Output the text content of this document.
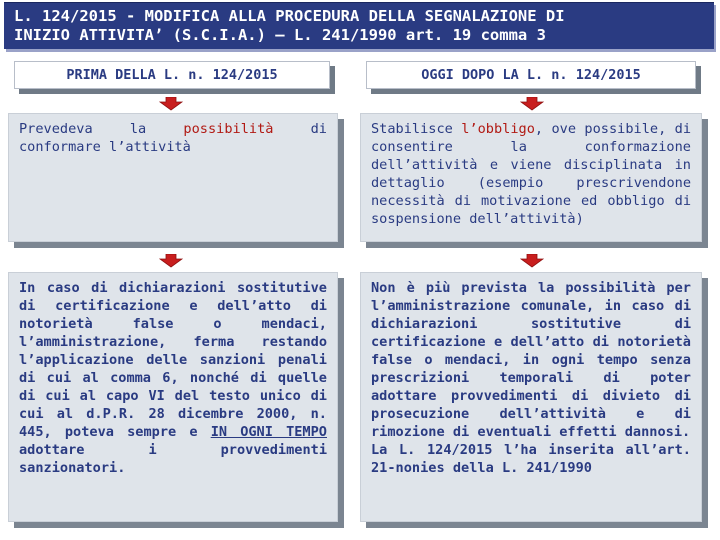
L. 124/2015 - MODIFICA ALLA PROCEDURA DELLA SEGNALAZIONE DI
INIZIO ATTIVITA’ (S.C.I.A.) – L. 241/1990 art. 19 comma 3
PRIMA DELLA L. n. 124/2015	OGGI DOPO LA L. n. 124/2015
Prevedeva la possibilità di conformare l’attività
Stabilisce l’obbligo, ove possibile, di consentire la conformazione dell’attività e viene disciplinata in dettaglio (esempio prescrivendone necessità di motivazione ed obbligo di sospensione dell’attività)
In caso di dichiarazioni sostitutive di certificazione e dell’atto di notorietà false o mendaci, l’amministrazione, ferma restando l’applicazione delle sanzioni penali di cui al comma 6, nonché di quelle di cui al capo VI del testo unico di cui al d.P.R. 28 dicembre 2000, n. 445, poteva sempre e IN OGNI TEMPO adottare i provvedimenti sanzionatori.
Non è più prevista la possibilità per l’amministrazione comunale, in caso di dichiarazioni sostitutive di certificazione e dell’atto di notorietà false o mendaci, in ogni tempo senza prescrizioni temporali di poter adottare provvedimenti di divieto di prosecuzione dell’attività e di rimozione di eventuali effetti dannosi.
La L. 124/2015 l’ha inserita all’art. 21-nonies della L. 241/1990
